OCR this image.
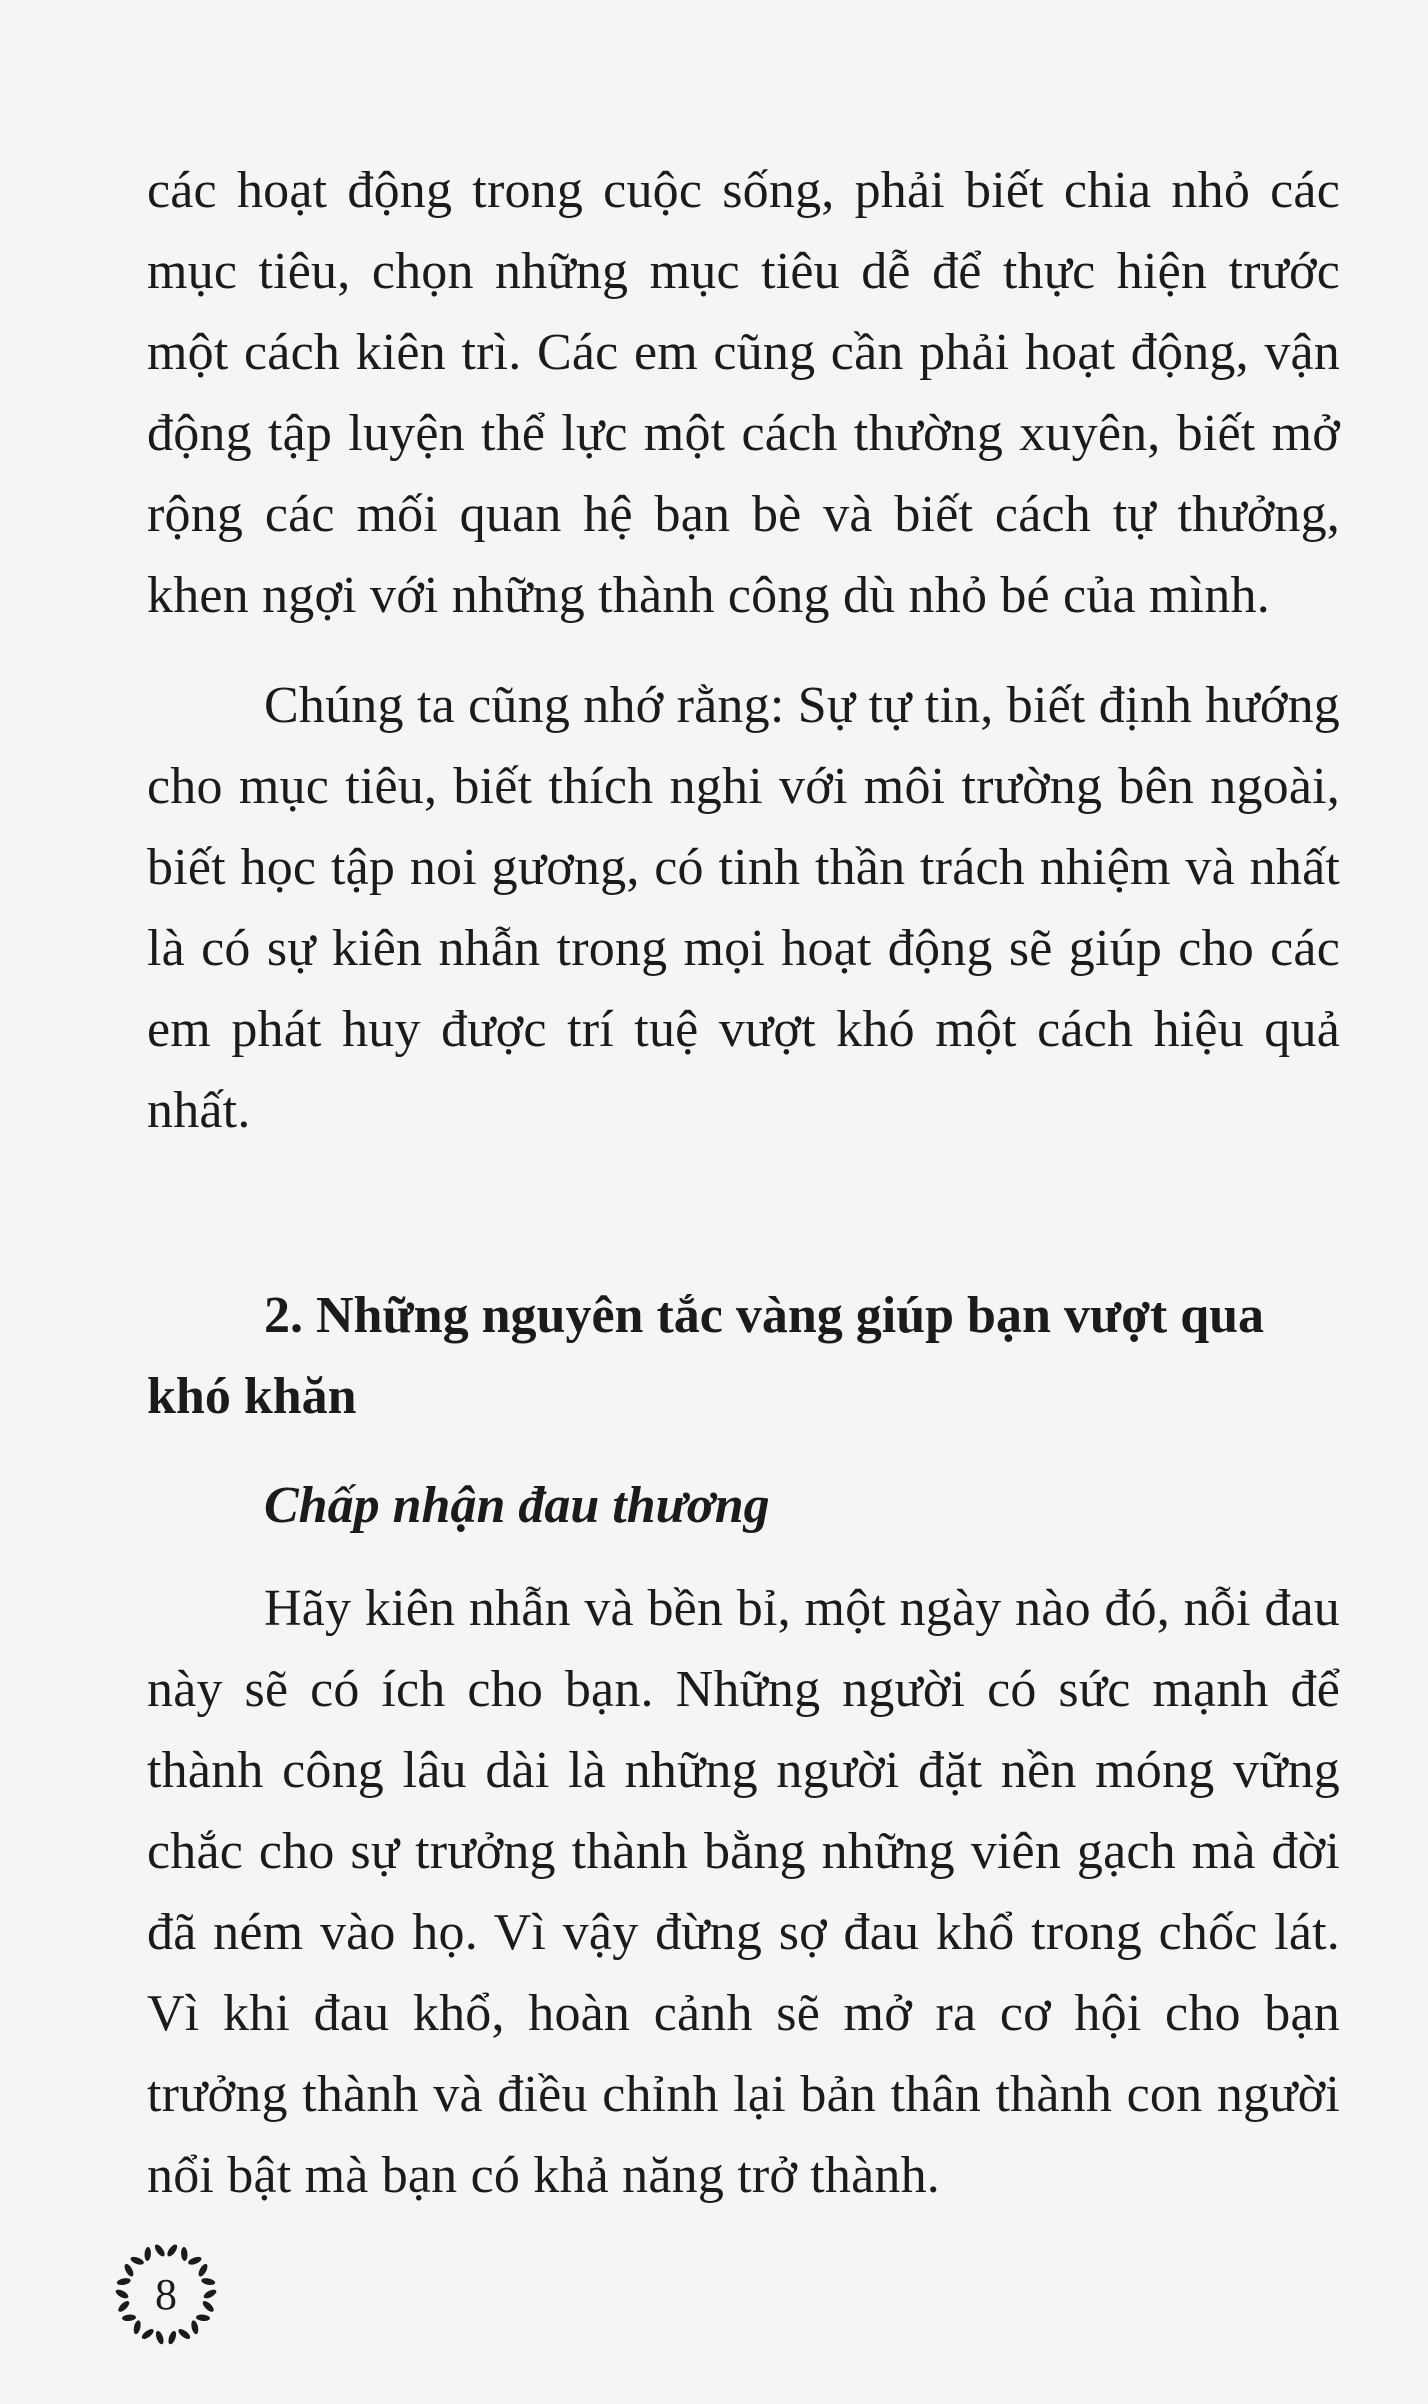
các hoạt động trong cuộc sống, phải biết chia nhỏ các mục tiêu, chọn những mục tiêu dễ để thực hiện trước một cách kiên trì. Các em cũng cần phải hoạt động, vận động tập luyện thể lực một cách thường xuyên, biết mở rộng các mối quan hệ bạn bè và biết cách tự thưởng, khen ngợi với những thành công dù nhỏ bé của mình.

Chúng ta cũng nhớ rằng: Sự tự tin, biết định hướng cho mục tiêu, biết thích nghi với môi trường bên ngoài, biết học tập noi gương, có tinh thần trách nhiệm và nhất là có sự kiên nhẫn trong mọi hoạt động sẽ giúp cho các em phát huy được trí tuệ vượt khó một cách hiệu quả nhất.

2. Những nguyên tắc vàng giúp bạn vượt qua khó khăn
Chấp nhận đau thương

Hãy kiên nhẫn và bền bỉ, một ngày nào đó, nỗi đau này sẽ có ích cho bạn. Những người có sức mạnh để thành công lâu dài là những người đặt nền móng vững chắc cho sự trưởng thành bằng những viên gạch mà đời đã ném vào họ. Vì vậy đừng sợ đau khổ trong chốc lát. Vì khi đau khổ, hoàn cảnh sẽ mở ra cơ hội cho bạn trưởng thành và điều chỉnh lại bản thân thành con người nổi bật mà bạn có khả năng trở thành.

8
